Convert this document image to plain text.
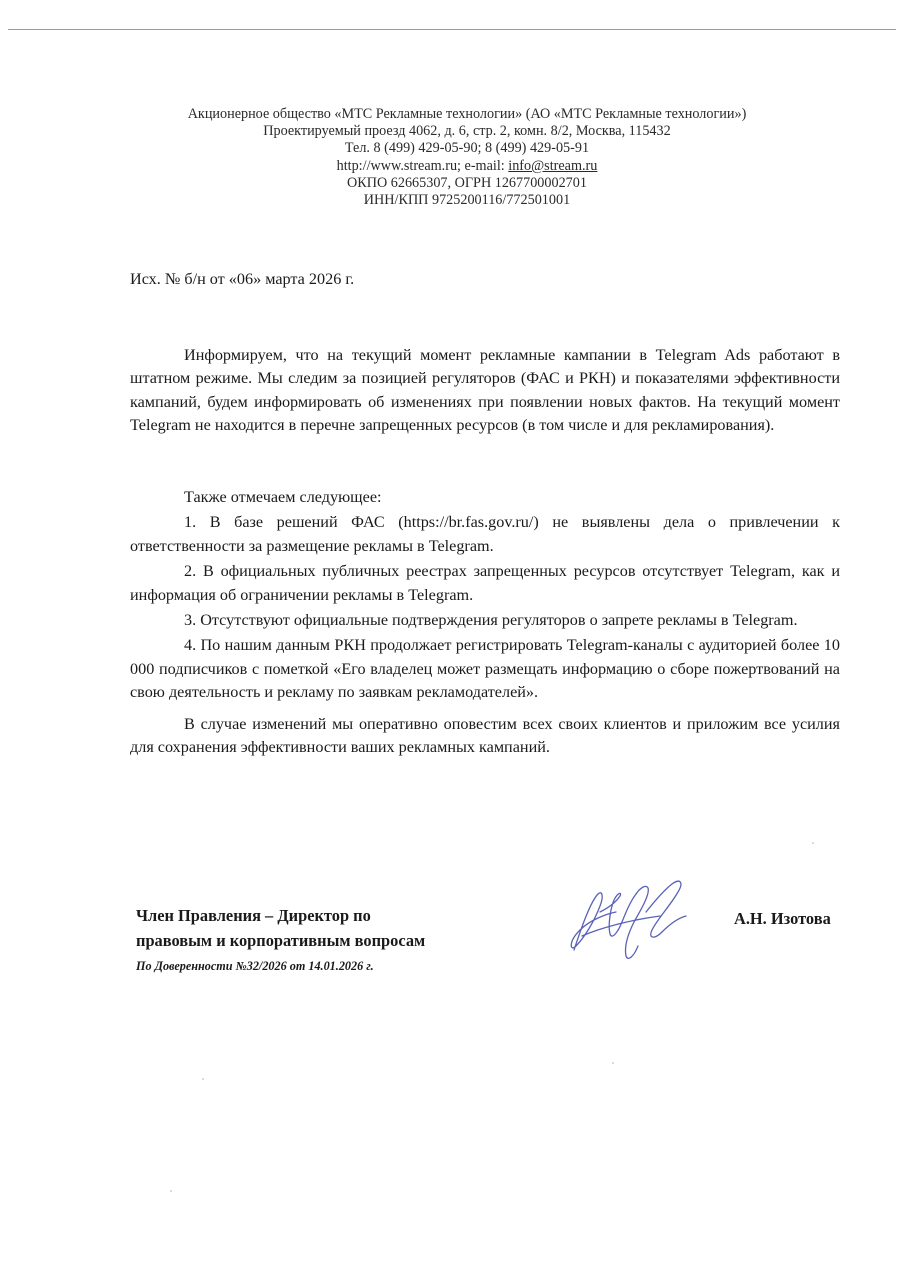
Акционерное общество «МТС Рекламные технологии» (АО «МТС Рекламные технологии»)
Проектируемый проезд 4062, д. 6, стр. 2, комн. 8/2, Москва, 115432
Тел. 8 (499) 429-05-90; 8 (499) 429-05-91
http://www.stream.ru; e-mail: info@stream.ru
ОКПО 62665307, ОГРН 1267700002701
ИНН/КПП 9725200116/772501001
Исх. № б/н от «06» марта 2026 г.

Информируем, что на текущий момент рекламные кампании в Telegram Ads работают в штатном режиме. Мы следим за позицией регуляторов (ФАС и РКН) и показателями эффективности кампаний, будем информировать об изменениях при появлении новых фактов. На текущий момент Telegram не находится в перечне запрещенных ресурсов (в том числе и для рекламирования).

Также отмечаем следующее:

1. В базе решений ФАС (https://br.fas.gov.ru/) не выявлены дела о привлечении к ответственности за размещение рекламы в Telegram.

2. В официальных публичных реестрах запрещенных ресурсов отсутствует Telegram, как и информация об ограничении рекламы в Telegram.

3. Отсутствуют официальные подтверждения регуляторов о запрете рекламы в Telegram.

4. По нашим данным РКН продолжает регистрировать Telegram-каналы с аудиторией более 10 000 подписчиков с пометкой «Его владелец может размещать информацию о сборе пожертвований на свою деятельность и рекламу по заявкам рекламодателей».

В случае изменений мы оперативно оповестим всех своих клиентов и приложим все усилия для сохранения эффективности ваших рекламных кампаний.

Член Правления – Директор по
правовым и корпоративным вопросам
По Доверенности №32/2026 от 14.01.2026 г.
А.Н. Изотова
